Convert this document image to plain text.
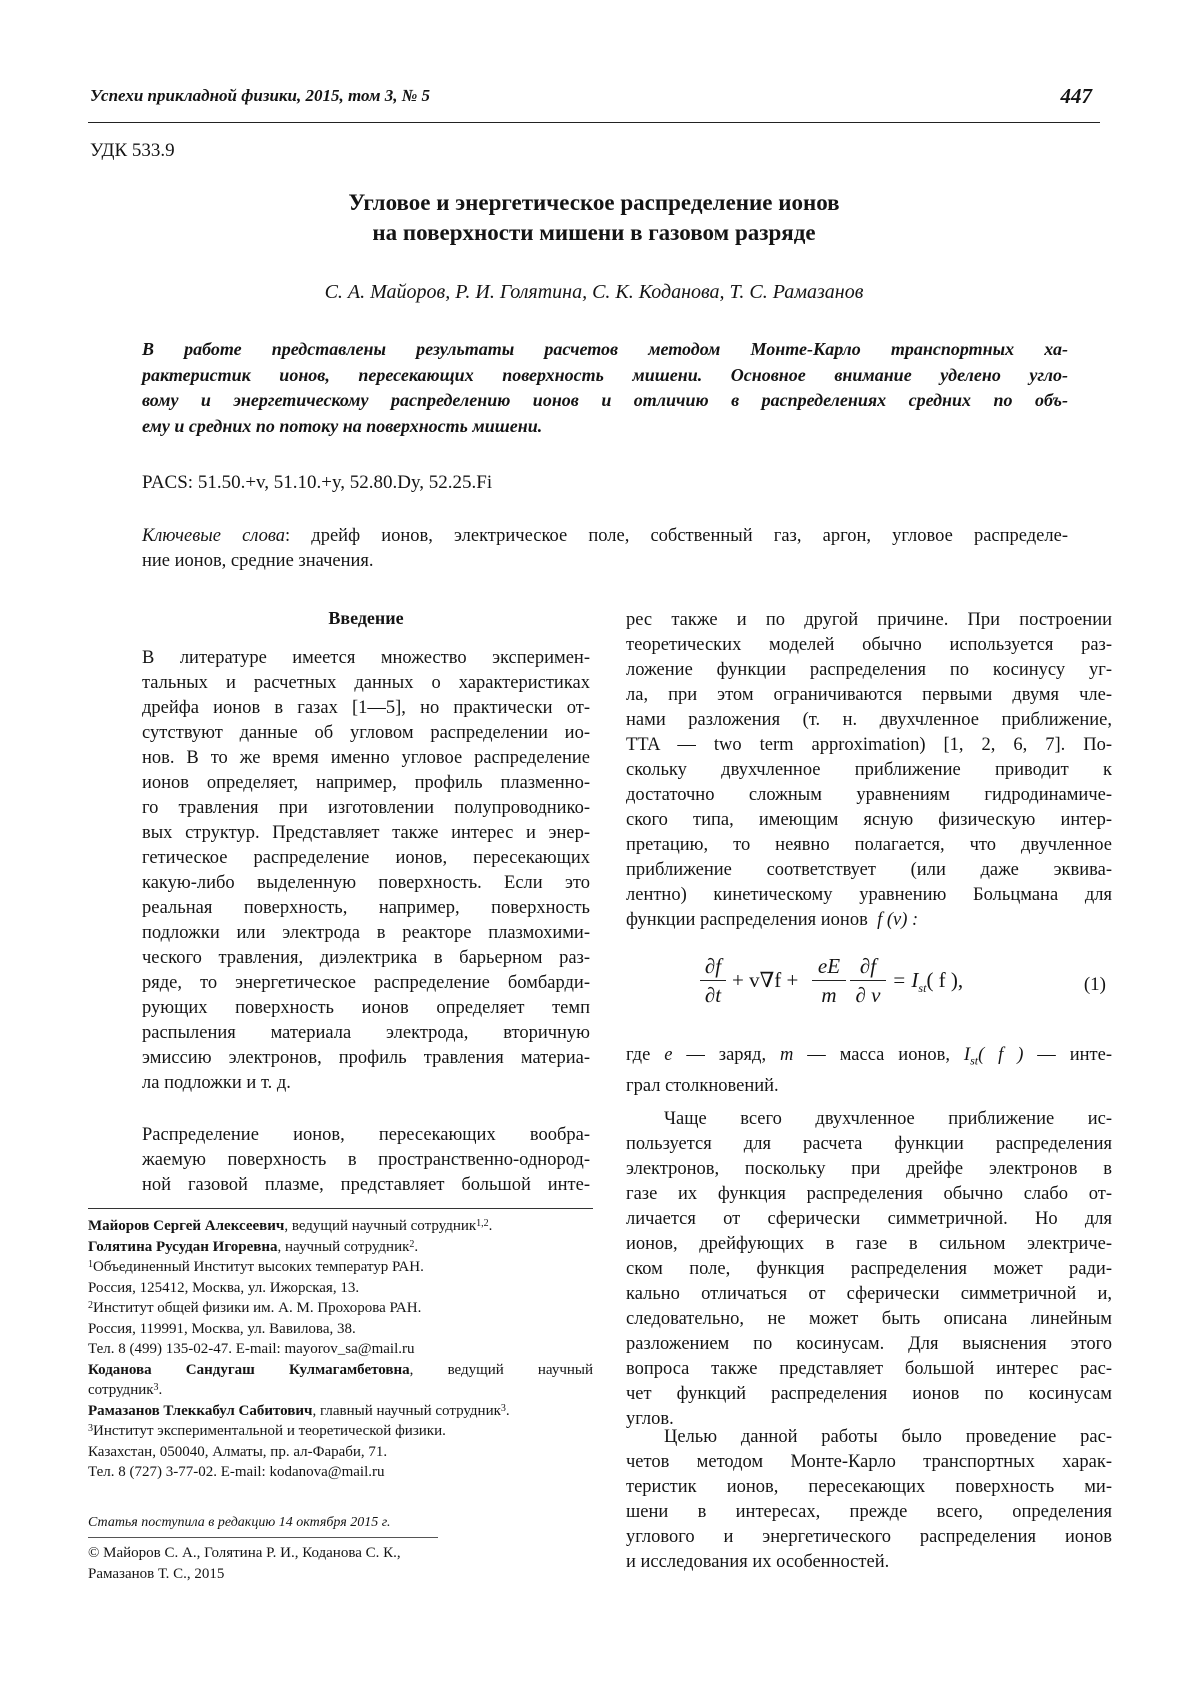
Успехи прикладной физики, 2015, том 3, № 5	447
УДК 533.9
Угловое и энергетическое распределение ионов
на поверхности мишени в газовом разряде
С. А. Майоров, Р. И. Голятина, С. К. Коданова, Т. С. Рамазанов
В работе представлены результаты расчетов методом Монте-Карло транспортных ха-
рактеристик ионов, пересекающих поверхность мишени. Основное внимание уделено угло-
вому и энергетическому распределению ионов и отличию в распределениях средних по объ-
ему и средних по потоку на поверхность мишени.
PACS: 51.50.+v, 51.10.+y, 52.80.Dy, 52.25.Fi
Ключевые слова: дрейф ионов, электрическое поле, собственный газ, аргон, угловое распределе-
ние ионов, средние значения.
Введение
В литературе имеется множество эксперимен-
тальных и расчетных данных о характеристиках
дрейфа ионов в газах [1—5], но практически от-
сутствуют данные об угловом распределении ио-
нов. В то же время именно угловое распределение
ионов определяет, например, профиль плазменно-
го травления при изготовлении полупроводнико-
вых структур. Представляет также интерес и энер-
гетическое распределение ионов, пересекающих
какую-либо выделенную поверхность. Если это
реальная поверхность, например, поверхность
подложки или электрода в реакторе плазмохими-
ческого травления, диэлектрика в барьерном раз-
ряде, то энергетическое распределение бомбарди-
рующих поверхность ионов определяет темп
распыления материала электрода, вторичную
эмиссию электронов, профиль травления материа-
ла подложки и т. д.
Распределение ионов, пересекающих вообра-
жаемую поверхность в пространственно-однород-
ной газовой плазме, представляет большой инте-
Майоров Сергей Алексеевич, ведущий научный сотрудник$^{1,2}$.
Голятина Русудан Игоревна, научный сотрудник$^2$.
$^1$Объединенный Институт высоких температур РАН.
Россия, 125412, Москва, ул. Ижорская, 13.
$^2$Институт общей физики им. А. М. Прохорова РАН.
Россия, 119991, Москва, ул. Вавилова, 38.
Тел. 8 (499) 135-02-47. E-mail: mayorov_sa@mail.ru
Коданова Сандугаш Кулмагамбетовна, ведущий научный
сотрудник$^3$.
Рамазанов Тлеккабул Сабитович, главный научный сотрудник$^3$.
$^3$Институт экспериментальной и теоретической физики.
Казахстан, 050040, Алматы, пр. ал-Фараби, 71.
Тел. 8 (727) 3-77-02. E-mail: kodanova@mail.ru
Статья поступила в редакцию 14 октября 2015 г.
© Майоров С. А., Голятина Р. И., Коданова С. К.,
Рамазанов Т. С., 2015
рес также и по другой причине. При построении
теоретических моделей обычно используется раз-
ложение функции распределения по косинусу уг-
ла, при этом ограничиваются первыми двумя чле-
нами разложения (т. н. двухчленное приближение,
TTA — two term approximation) [1, 2, 6, 7]. По-
скольку двухчленное приближение приводит к
достаточно сложным уравнениям гидродинамиче-
ского типа, имеющим ясную физическую интер-
претацию, то неявно полагается, что двучленное
приближение соответствует (или даже эквива-
лентно) кинетическому уравнению Больцмана для
функции распределения ионов f (v) :
∂f
∂t
+ v∇f +
eE
m
∂f
∂ v
= $I_{st}$( f ),	(1)
где e — заряд, m — масса ионов, $I_{st}$( f ) — инте-
грал столкновений.
Чаще всего двухчленное приближение ис-
пользуется для расчета функции распределения
электронов, поскольку при дрейфе электронов в
газе их функция распределения обычно слабо от-
личается от сферически симметричной. Но для
ионов, дрейфующих в газе в сильном электриче-
ском поле, функция распределения может ради-
кально отличаться от сферически симметричной и,
следовательно, не может быть описана линейным
разложением по косинусам. Для выяснения этого
вопроса также представляет большой интерес рас-
чет функций распределения ионов по косинусам
углов.
Целью данной работы было проведение рас-
четов методом Монте-Карло транспортных харак-
теристик ионов, пересекающих поверхность ми-
шени в интересах, прежде всего, определения
углового и энергетического распределения ионов
и исследования их особенностей.
